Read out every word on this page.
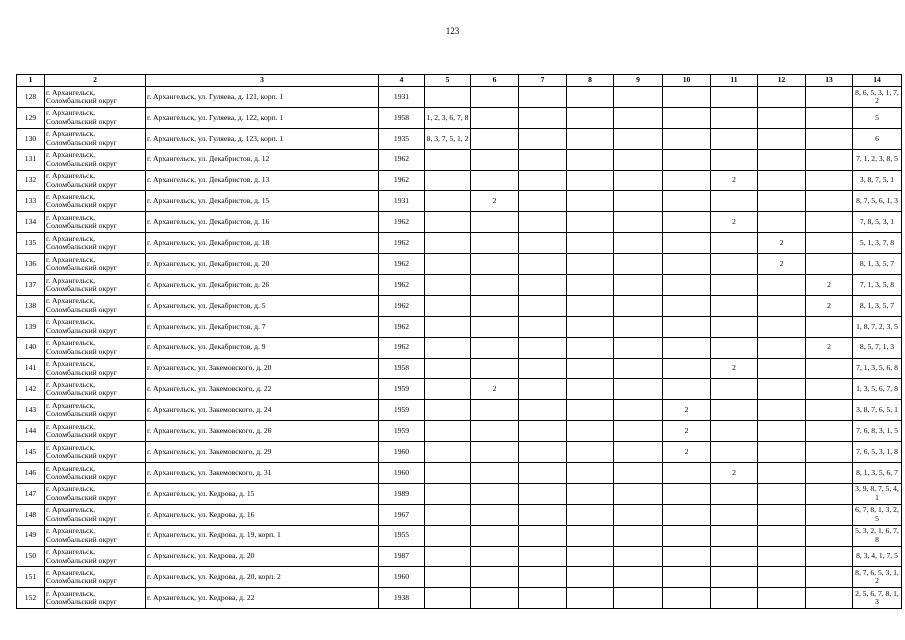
123
1	2	3	4	5	6	7	8	9	10	11	12	13	14
128	г. Архангельск, Соломбальский округ	г. Архангельск, ул. Гуляева, д. 121, корп. 1	1931										8, 6, 5, 3, 1, 7, 2
129	г. Архангельск, Соломбальский округ	г. Архангельск, ул. Гуляева, д. 122, корп. 1	1958	1, 2, 3, 6, 7, 8									5
130	г. Архангельск, Соломбальский округ	г. Архангельск, ул. Гуляева, д. 123, корп. 1	1935	8, 3, 7, 5, 1, 2									6
131	г. Архангельск, Соломбальский округ	г. Архангельск, ул. Декабристов, д. 12	1962										7, 1, 2, 3, 8, 5
132	г. Архангельск, Соломбальский округ	г. Архангельск, ул. Декабристов, д. 13	1962							2			3, 8, 7, 5, 1
133	г. Архангельск, Соломбальский округ	г. Архангельск, ул. Декабристов, д. 15	1931		2								8, 7, 5, 6, 1, 3
134	г. Архангельск, Соломбальский округ	г. Архангельск, ул. Декабристов, д. 16	1962							2			7, 8, 5, 3, 1
135	г. Архангельск, Соломбальский округ	г. Архангельск, ул. Декабристов, д. 18	1962								2		5, 1, 3, 7, 8
136	г. Архангельск, Соломбальский округ	г. Архангельск, ул. Декабристов, д. 20	1962								2		8, 1, 3, 5, 7
137	г. Архангельск, Соломбальский округ	г. Архангельск, ул. Декабристов, д. 26	1962									2	7, 1, 3, 5, 8
138	г. Архангельск, Соломбальский округ	г. Архангельск, ул. Декабристов, д. 5	1962									2	8, 1, 3, 5, 7
139	г. Архангельск, Соломбальский округ	г. Архангельск, ул. Декабристов, д. 7	1962										1, 8, 7, 2, 3, 5
140	г. Архангельск, Соломбальский округ	г. Архангельск, ул. Декабристов, д. 9	1962									2	8, 5, 7, 1, 3
141	г. Архангельск, Соломбальский округ	г. Архангельск, ул. Закемовского, д. 20	1958							2			7, 1, 3, 5, 6, 8
142	г. Архангельск, Соломбальский округ	г. Архангельск, ул. Закемовского, д. 22	1959		2								1, 3, 5, 6, 7, 8
143	г. Архангельск, Соломбальский округ	г. Архангельск, ул. Закемовского, д. 24	1959						2				3, 8, 7, 6, 5, 1
144	г. Архангельск, Соломбальский округ	г. Архангельск, ул. Закемовского, д. 26	1959						2				7, 6, 8, 3, 1, 5
145	г. Архангельск, Соломбальский округ	г. Архангельск, ул. Закемовского, д. 29	1960						2				7, 6, 5, 3, 1, 8
146	г. Архангельск, Соломбальский округ	г. Архангельск, ул. Закемовского, д. 31	1960							2			8, 1, 3, 5, 6, 7
147	г. Архангельск, Соломбальский округ	г. Архангельск, ул. Кедрова, д. 15	1989										3, 9, 8, 7, 5, 4, 1
148	г. Архангельск, Соломбальский округ	г. Архангельск, ул. Кедрова, д. 16	1967										6, 7, 8, 1, 3, 2, 5
149	г. Архангельск, Соломбальский округ	г. Архангельск, ул. Кедрова, д. 19, корп. 1	1955										5, 3, 2, 1, 6, 7, 8
150	г. Архангельск, Соломбальский округ	г. Архангельск, ул. Кедрова, д. 20	1987										8, 3, 4, 1, 7, 5
151	г. Архангельск, Соломбальский округ	г. Архангельск, ул. Кедрова, д. 20, корп. 2	1960										8, 7, 6, 5, 3, 1, 2
152	г. Архангельск, Соломбальский округ	г. Архангельск, ул. Кедрова, д. 22	1938										2, 5, 6, 7, 8, 1, 3
